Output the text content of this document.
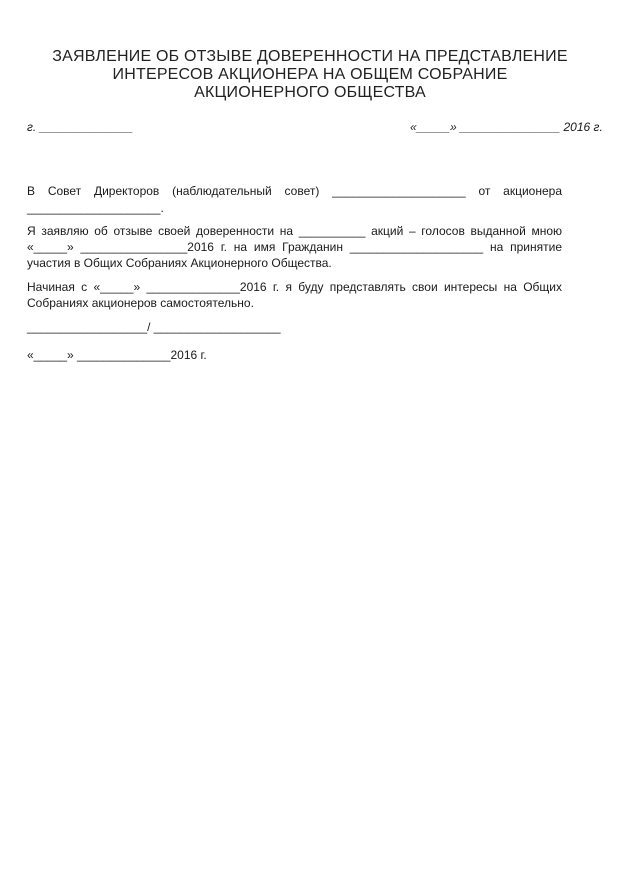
ЗАЯВЛЕНИЕ ОБ ОТЗЫВЕ ДОВЕРЕННОСТИ НА ПРЕДСТАВЛЕНИЕ
ИНТЕРЕСОВ АКЦИОНЕРА НА ОБЩЕМ СОБРАНИЕ
АКЦИОНЕРНОГО ОБЩЕСТВА
г. ______________	«_____» _______________ 2016 г.
В Совет Директоров (наблюдательный совет) ____________________ от акционера
____________________.
Я заявляю об отзыве своей доверенности на __________ акций – голосов выданной мною
«_____» ________________2016 г. на имя Гражданин ____________________ на принятие
участия в Общих Собраниях Акционерного Общества.
Начиная с «_____» ______________2016 г. я буду представлять свои интересы на Общих
Собраниях акционеров самостоятельно.
__________________/ ___________________
«_____» ______________2016 г.
